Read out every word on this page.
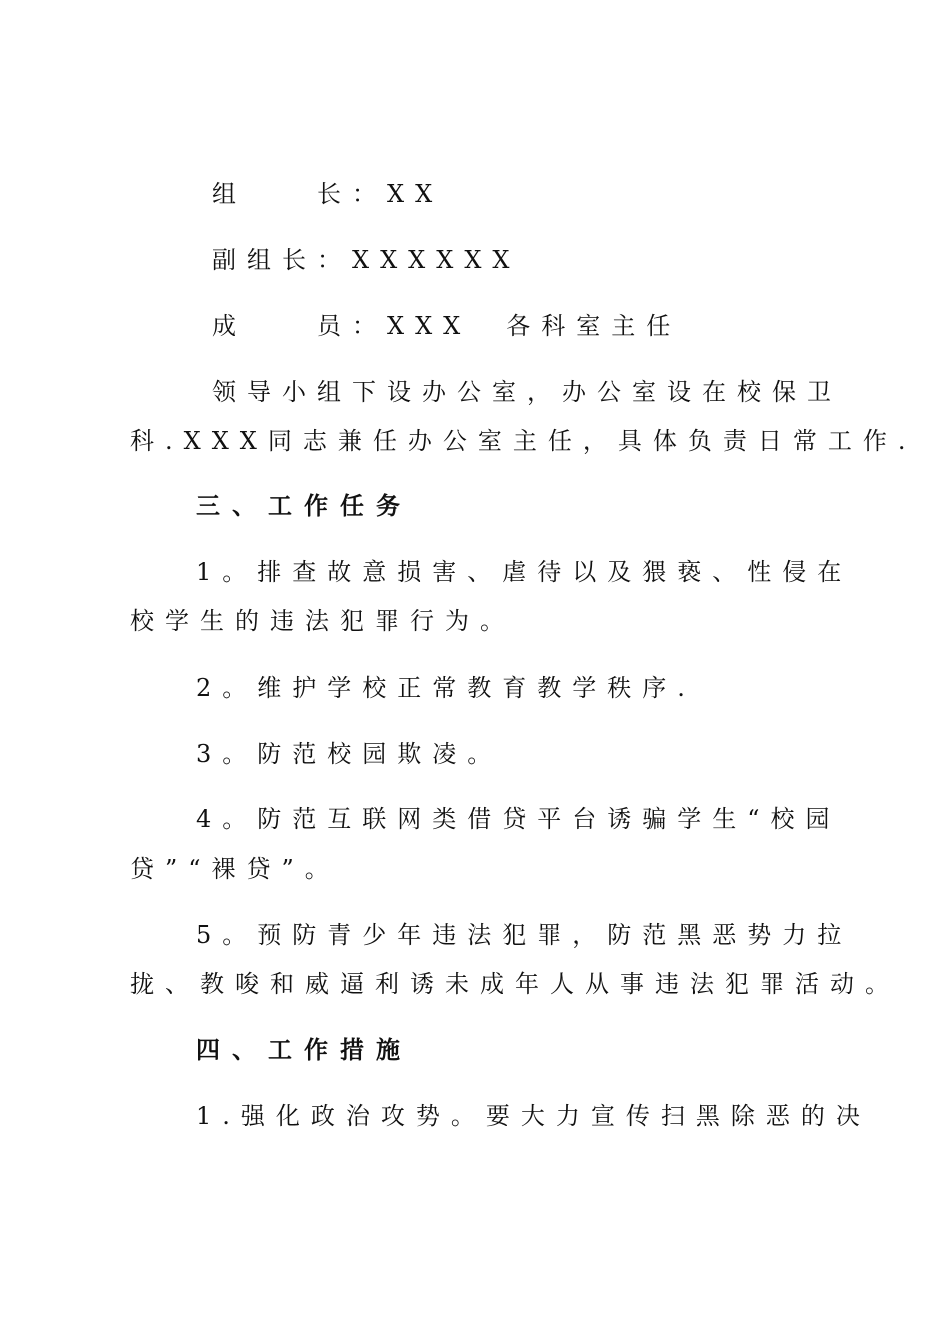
组　　长：XX
副组长：XXXXXX
成　　员：XXX　各科室主任
领导小组下设办公室，办公室设在校保卫
科.XXX同志兼任办公室主任，具体负责日常工作.
三、工作任务
1。排查故意损害、虐待以及猥亵、性侵在
校学生的违法犯罪行为。
2。维护学校正常教育教学秩序.
3。防范校园欺凌。
4。防范互联网类借贷平台诱骗学生“校园
贷”“裸贷”。
5。预防青少年违法犯罪，防范黑恶势力拉
拢、教唆和威逼利诱未成年人从事违法犯罪活动。
四、工作措施
1.强化政治攻势。要大力宣传扫黑除恶的决
